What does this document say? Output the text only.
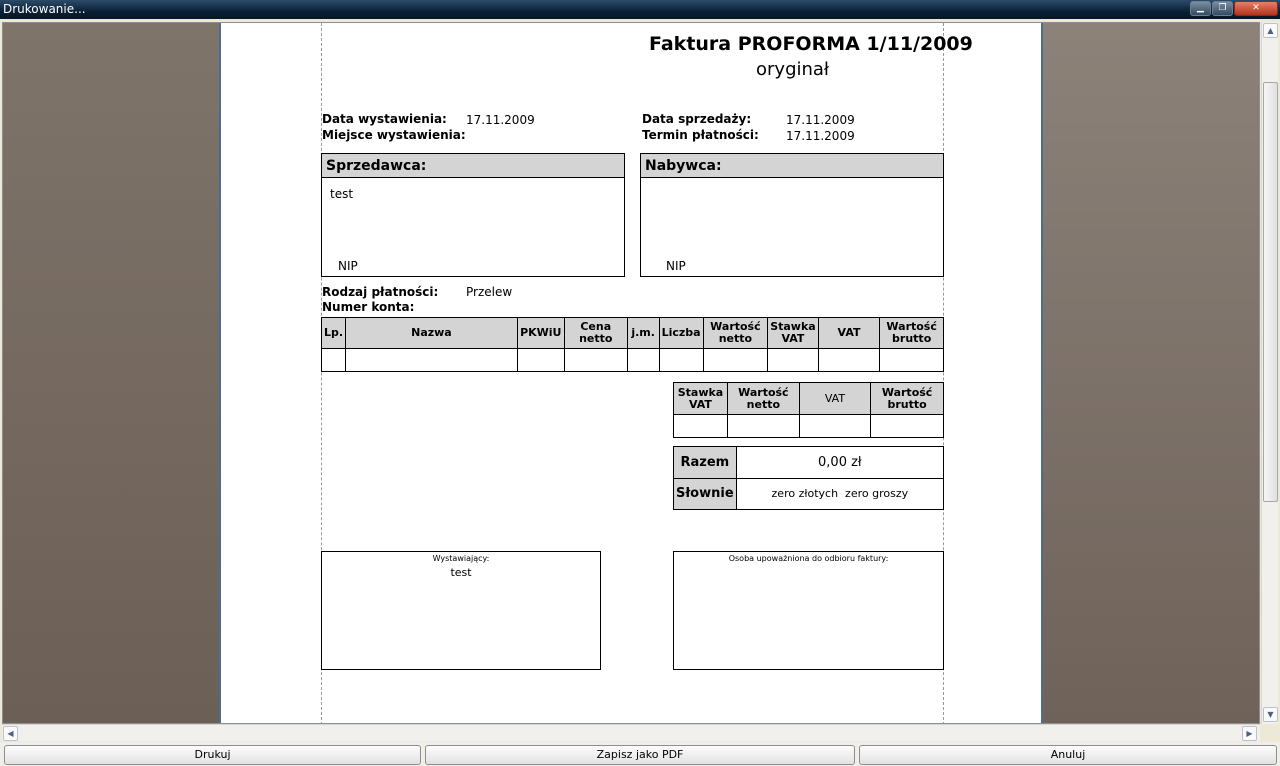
Drukowanie...	▁	❐	✕
Faktura PROFORMA 1/11/2009
oryginał
Data wystawienia: 17.11.2009
Miejsce wystawienia:
Data sprzedaży:	17.11.2009
Termin płatności: 17.11.2009
Sprzedawca:
test
NIP
Nabywca:
NIP
Rodzaj płatności: Przelew
Numer konta:
Lp.	Nazwa	PKWiU	Cena netto	j.m.	Liczba	Wartość netto	Stawka VAT	VAT	Wartość brutto

Stawka VAT	Wartość netto	VAT	Wartość brutto

Razem	0,00 zł
Słownie	zero złotych  zero groszy
Wystawiający:
test
Osoba upoważniona do odbioru faktury:
▲
▼
◀	▶
Drukuj	Zapisz jako PDF	Anuluj
